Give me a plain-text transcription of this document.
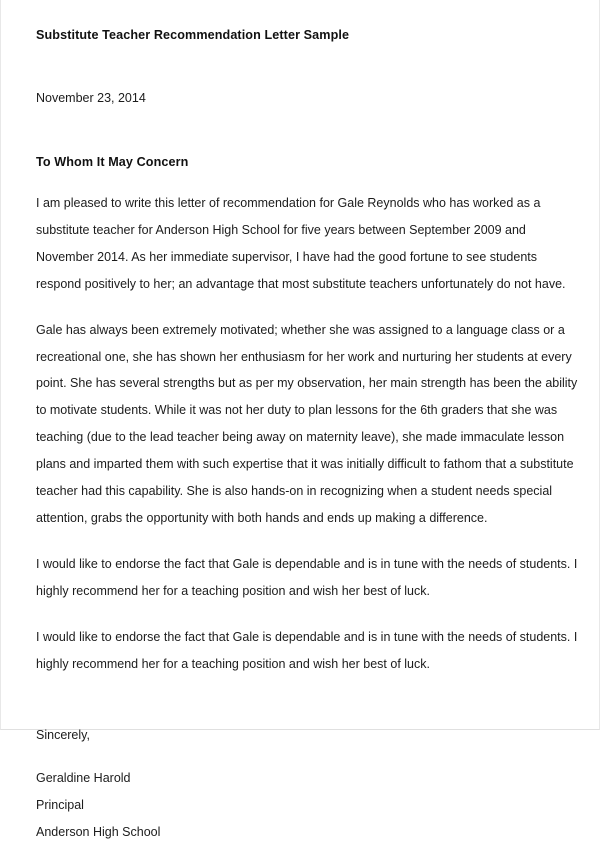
Substitute Teacher Recommendation Letter Sample

November 23, 2014

To Whom It May Concern

I am pleased to write this letter of recommendation for Gale Reynolds who has worked as a substitute teacher for Anderson High School for five years between September 2009 and November 2014. As her immediate supervisor, I have had the good fortune to see students respond positively to her; an advantage that most substitute teachers unfortunately do not have.

Gale has always been extremely motivated; whether she was assigned to a language class or a recreational one, she has shown her enthusiasm for her work and nurturing her students at every point. She has several strengths but as per my observation, her main strength has been the ability to motivate students. While it was not her duty to plan lessons for the 6th graders that she was teaching (due to the lead teacher being away on maternity leave), she made immaculate lesson plans and imparted them with such expertise that it was initially difficult to fathom that a substitute teacher had this capability. She is also hands-on in recognizing when a student needs special attention, grabs the opportunity with both hands and ends up making a difference.

I would like to endorse the fact that Gale is dependable and is in tune with the needs of students. I highly recommend her for a teaching position and wish her best of luck.

I would like to endorse the fact that Gale is dependable and is in tune with the needs of students. I highly recommend her for a teaching position and wish her best of luck.

Sincerely,

Geraldine Harold
Principal
Anderson High School
